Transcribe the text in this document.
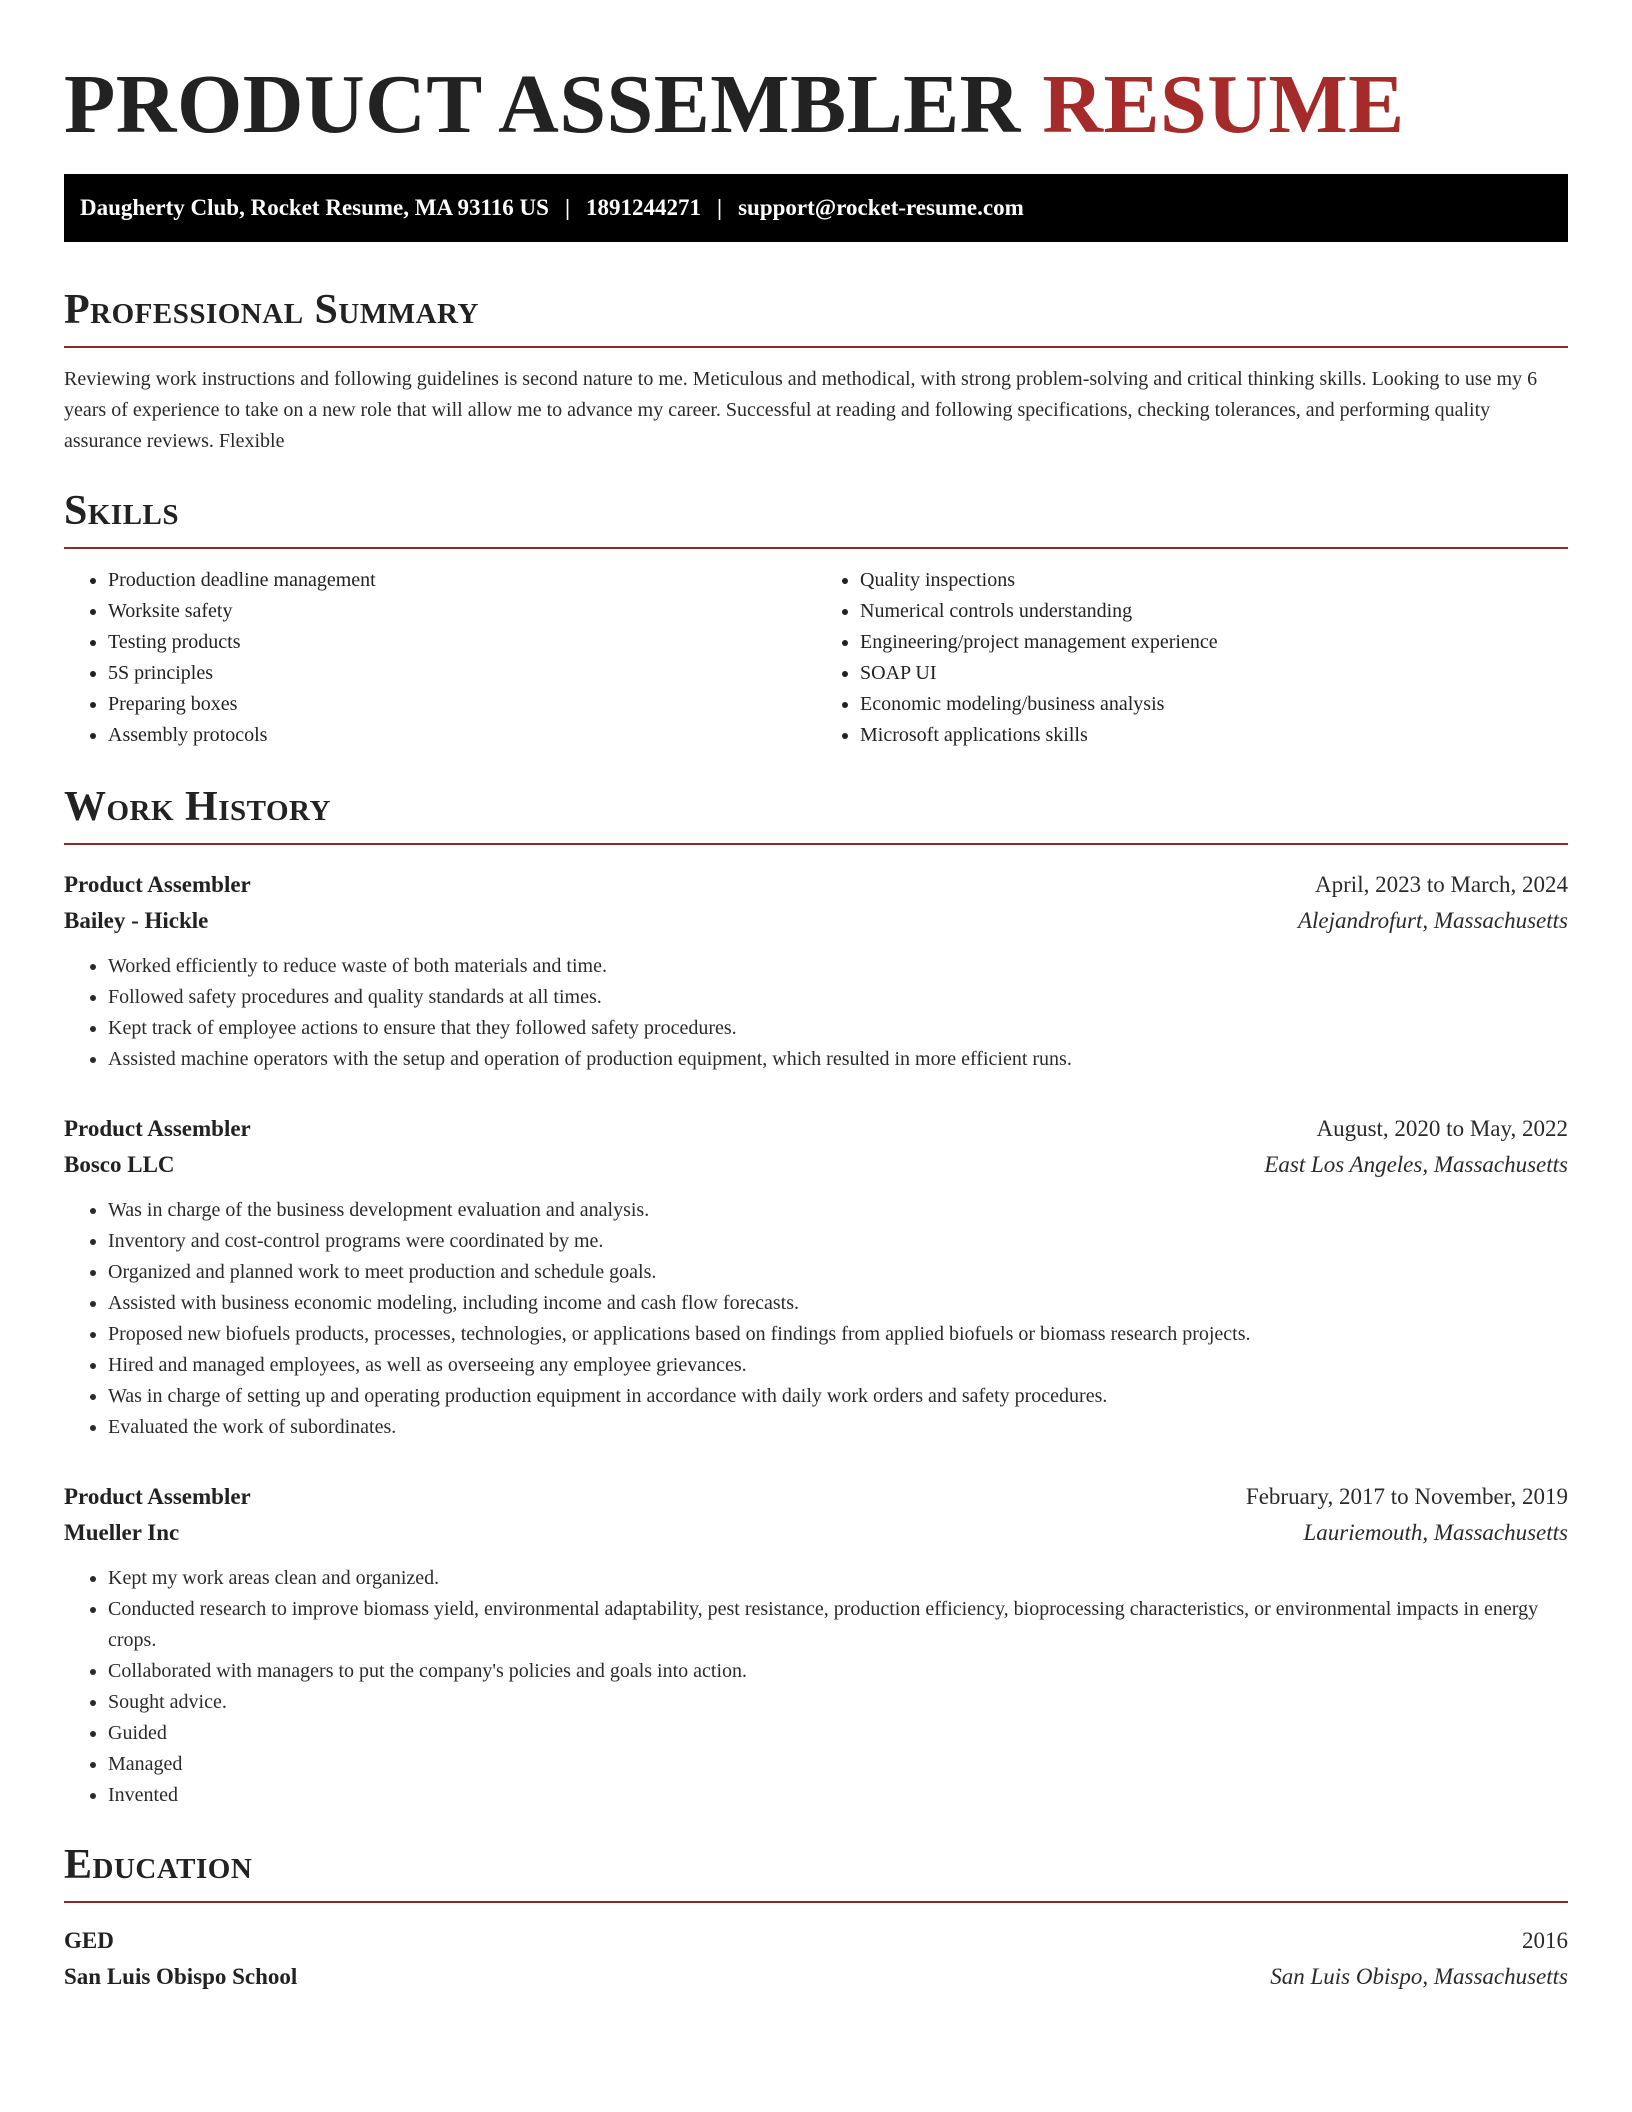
PRODUCT ASSEMBLER RESUME
Daugherty Club, Rocket Resume, MA 93116 US | 1891244271 | support@rocket-resume.com
Professional Summary

Reviewing work instructions and following guidelines is second nature to me. Meticulous and methodical, with strong problem-solving and critical thinking skills. Looking to use my 6 years of experience to take on a new role that will allow me to advance my career. Successful at reading and following specifications, checking tolerances, and performing quality assurance reviews. Flexible

Skills
• Production deadline management
• Worksite safety
• Testing products
• 5S principles
• Preparing boxes
• Assembly protocols
• Quality inspections
• Numerical controls understanding
• Engineering/project management experience
• SOAP UI
• Economic modeling/business analysis
• Microsoft applications skills
Work History
Product Assembler	April, 2023 to March, 2024
Bailey - Hickle	Alejandrofurt, Massachusetts
• Worked efficiently to reduce waste of both materials and time.
• Followed safety procedures and quality standards at all times.
• Kept track of employee actions to ensure that they followed safety procedures.
• Assisted machine operators with the setup and operation of production equipment, which resulted in more efficient runs.
Product Assembler	August, 2020 to May, 2022
Bosco LLC	East Los Angeles, Massachusetts
• Was in charge of the business development evaluation and analysis.
• Inventory and cost-control programs were coordinated by me.
• Organized and planned work to meet production and schedule goals.
• Assisted with business economic modeling, including income and cash flow forecasts.
• Proposed new biofuels products, processes, technologies, or applications based on findings from applied biofuels or biomass research projects.
• Hired and managed employees, as well as overseeing any employee grievances.
• Was in charge of setting up and operating production equipment in accordance with daily work orders and safety procedures.
• Evaluated the work of subordinates.
Product Assembler	February, 2017 to November, 2019
Mueller Inc	Lauriemouth, Massachusetts
• Kept my work areas clean and organized.
• Conducted research to improve biomass yield, environmental adaptability, pest resistance, production efficiency, bioprocessing characteristics, or environmental impacts in energy crops.
• Collaborated with managers to put the company's policies and goals into action.
• Sought advice.
• Guided
• Managed
• Invented
Education
GED	2016
San Luis Obispo School	San Luis Obispo, Massachusetts
